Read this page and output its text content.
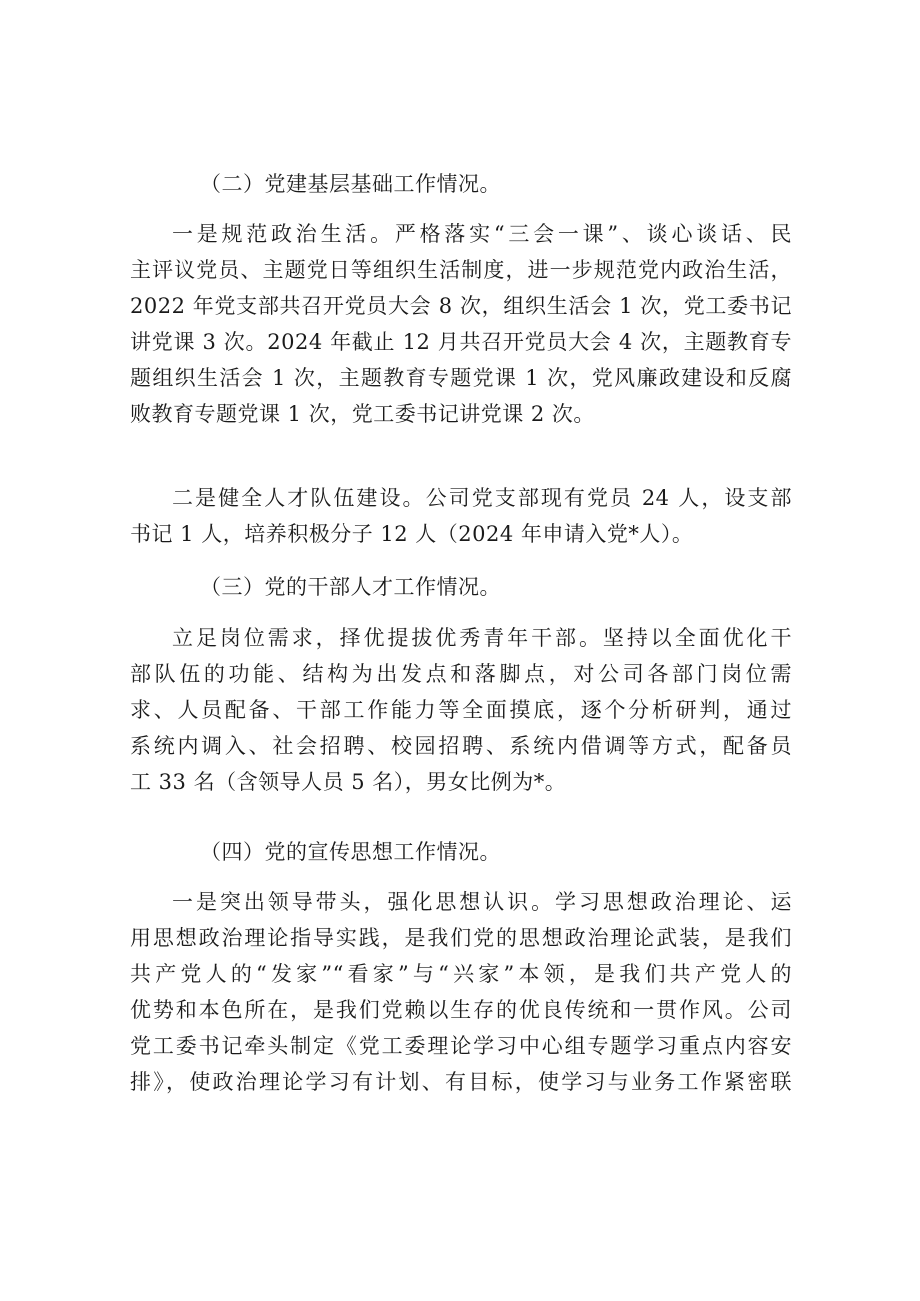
（二）党建基层基础工作情况。
一是规范政治生活。严格落实“三会一课”、谈心谈话、民
主评议党员、主题党日等组织生活制度，进一步规范党内政治生活，
2022 年党支部共召开党员大会 8 次，组织生活会 1 次，党工委书记
讲党课 3 次。2024 年截止 12 月共召开党员大会 4 次，主题教育专
题组织生活会 1 次，主题教育专题党课 1 次，党风廉政建设和反腐
败教育专题党课 1 次，党工委书记讲党课 2 次。
二是健全人才队伍建设。公司党支部现有党员 24 人，设支部
书记 1 人，培养积极分子 12 人（2024 年申请入党*人）。
（三）党的干部人才工作情况。
立足岗位需求，择优提拔优秀青年干部。坚持以全面优化干
部队伍的功能、结构为出发点和落脚点，对公司各部门岗位需
求、人员配备、干部工作能力等全面摸底，逐个分析研判，通过
系统内调入、社会招聘、校园招聘、系统内借调等方式，配备员
工 33 名（含领导人员 5 名），男女比例为*。
（四）党的宣传思想工作情况。
一是突出领导带头，强化思想认识。学习思想政治理论、运
用思想政治理论指导实践，是我们党的思想政治理论武装，是我们
共产党人的“发家”“看家”与“兴家”本领，是我们共产党人的
优势和本色所在，是我们党赖以生存的优良传统和一贯作风。公司
党工委书记牵头制定《党工委理论学习中心组专题学习重点内容安
排》，使政治理论学习有计划、有目标，使学习与业务工作紧密联
